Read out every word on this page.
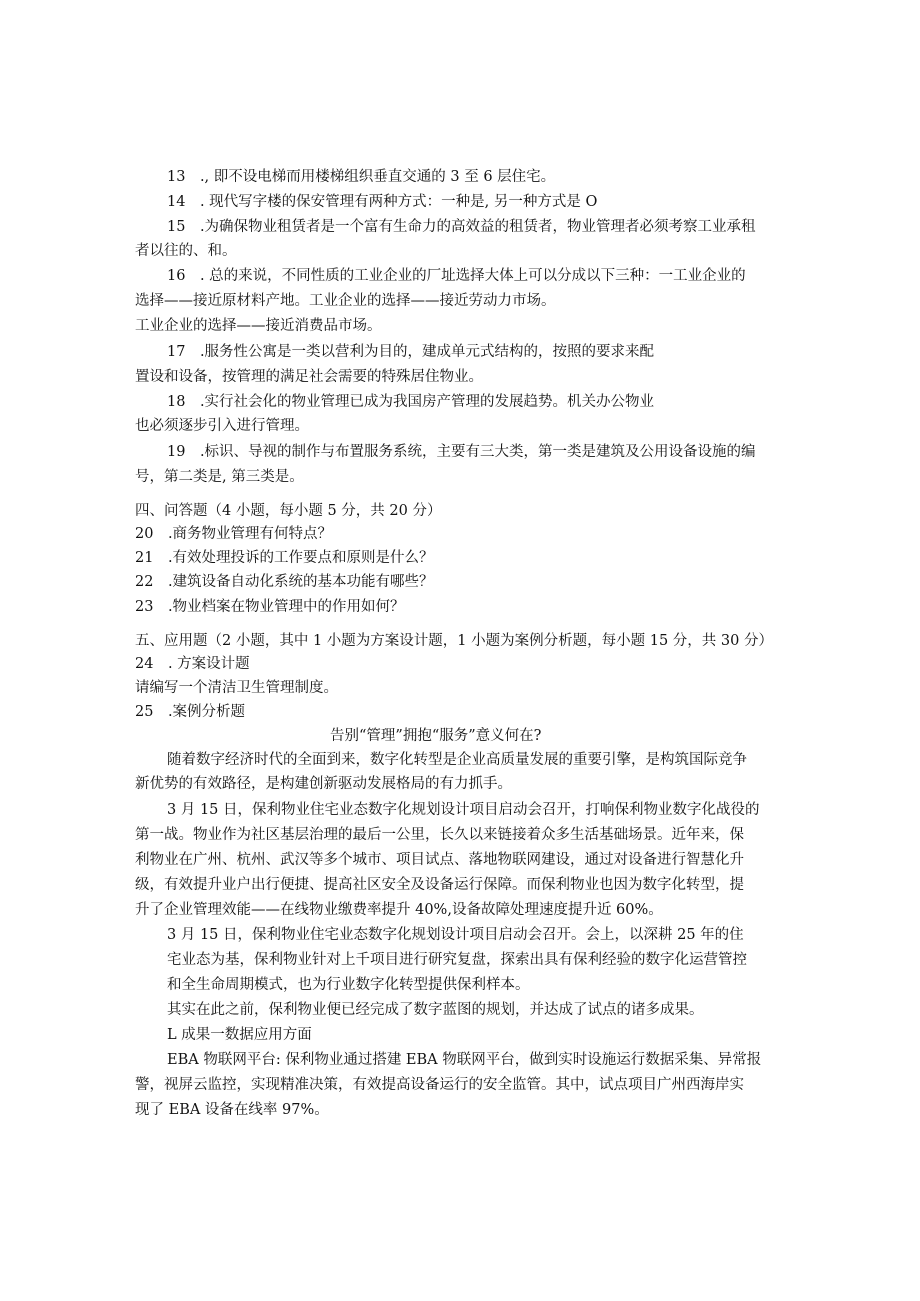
13　., 即不设电梯而用楼梯组织垂直交通的 3 至 6 层住宅。
14　. 现代写字楼的保安管理有两种方式：一种是, 另一种方式是 O
15　.为确保物业租赁者是一个富有生命力的高效益的租赁者，物业管理者必须考察工业承租
者以往的、和。
16　. 总的来说，不同性质的工业企业的厂址选择大体上可以分成以下三种：一工业企业的
选择——接近原材料产地。工业企业的选择——接近劳动力市场。
工业企业的选择——接近消费品市场。
17　.服务性公寓是一类以营利为目的，建成单元式结构的，按照的要求来配
置设和设备，按管理的满足社会需要的特殊居住物业。
18　.实行社会化的物业管理已成为我国房产管理的发展趋势。机关办公物业
也必须逐步引入进行管理。
19　.标识、导视的制作与布置服务系统，主要有三大类，第一类是建筑及公用设备设施的编
号，第二类是, 第三类是。
四、问答题（4 小题，每小题 5 分，共 20 分）
20　.商务物业管理有何特点？
21　.有效处理投诉的工作要点和原则是什么？
22　.建筑设备自动化系统的基本功能有哪些？
23　.物业档案在物业管理中的作用如何？
五、应用题（2 小题，其中 1 小题为方案设计题，1 小题为案例分析题，每小题 15 分，共 30 分）
24　. 方案设计题
请编写一个清洁卫生管理制度。
25　.案例分析题
告别“管理”拥抱“服务”意义何在?
随着数字经济时代的全面到来，数字化转型是企业高质量发展的重要引擎，是构筑国际竞争
新优势的有效路径，是构建创新驱动发展格局的有力抓手。
3 月 15 日，保利物业住宅业态数字化规划设计项目启动会召开，打响保利物业数字化战役的
第一战。物业作为社区基层治理的最后一公里，长久以来链接着众多生活基础场景。近年来，保
利物业在广州、杭州、武汉等多个城市、项目试点、落地物联网建设，通过对设备进行智慧化升
级，有效提升业户出行便捷、提高社区安全及设备运行保障。而保利物业也因为数字化转型，提
升了企业管理效能——在线物业缴费率提升 40%,设备故障处理速度提升近 60%。
3 月 15 日，保利物业住宅业态数字化规划设计项目启动会召开。会上，以深耕 25 年的住
宅业态为基，保利物业针对上千项目进行研究复盘，探索出具有保利经验的数字化运营管控
和全生命周期模式，也为行业数字化转型提供保利样本。
其实在此之前，保利物业便已经完成了数字蓝图的规划，并达成了试点的诸多成果。
L 成果一数据应用方面
EBA 物联网平台: 保利物业通过搭建 EBA 物联网平台，做到实时设施运行数据采集、异常报
警，视屏云监控，实现精准决策，有效提高设备运行的安全监管。其中，试点项目广州西海岸实
现了 EBA 设备在线率 97%。
